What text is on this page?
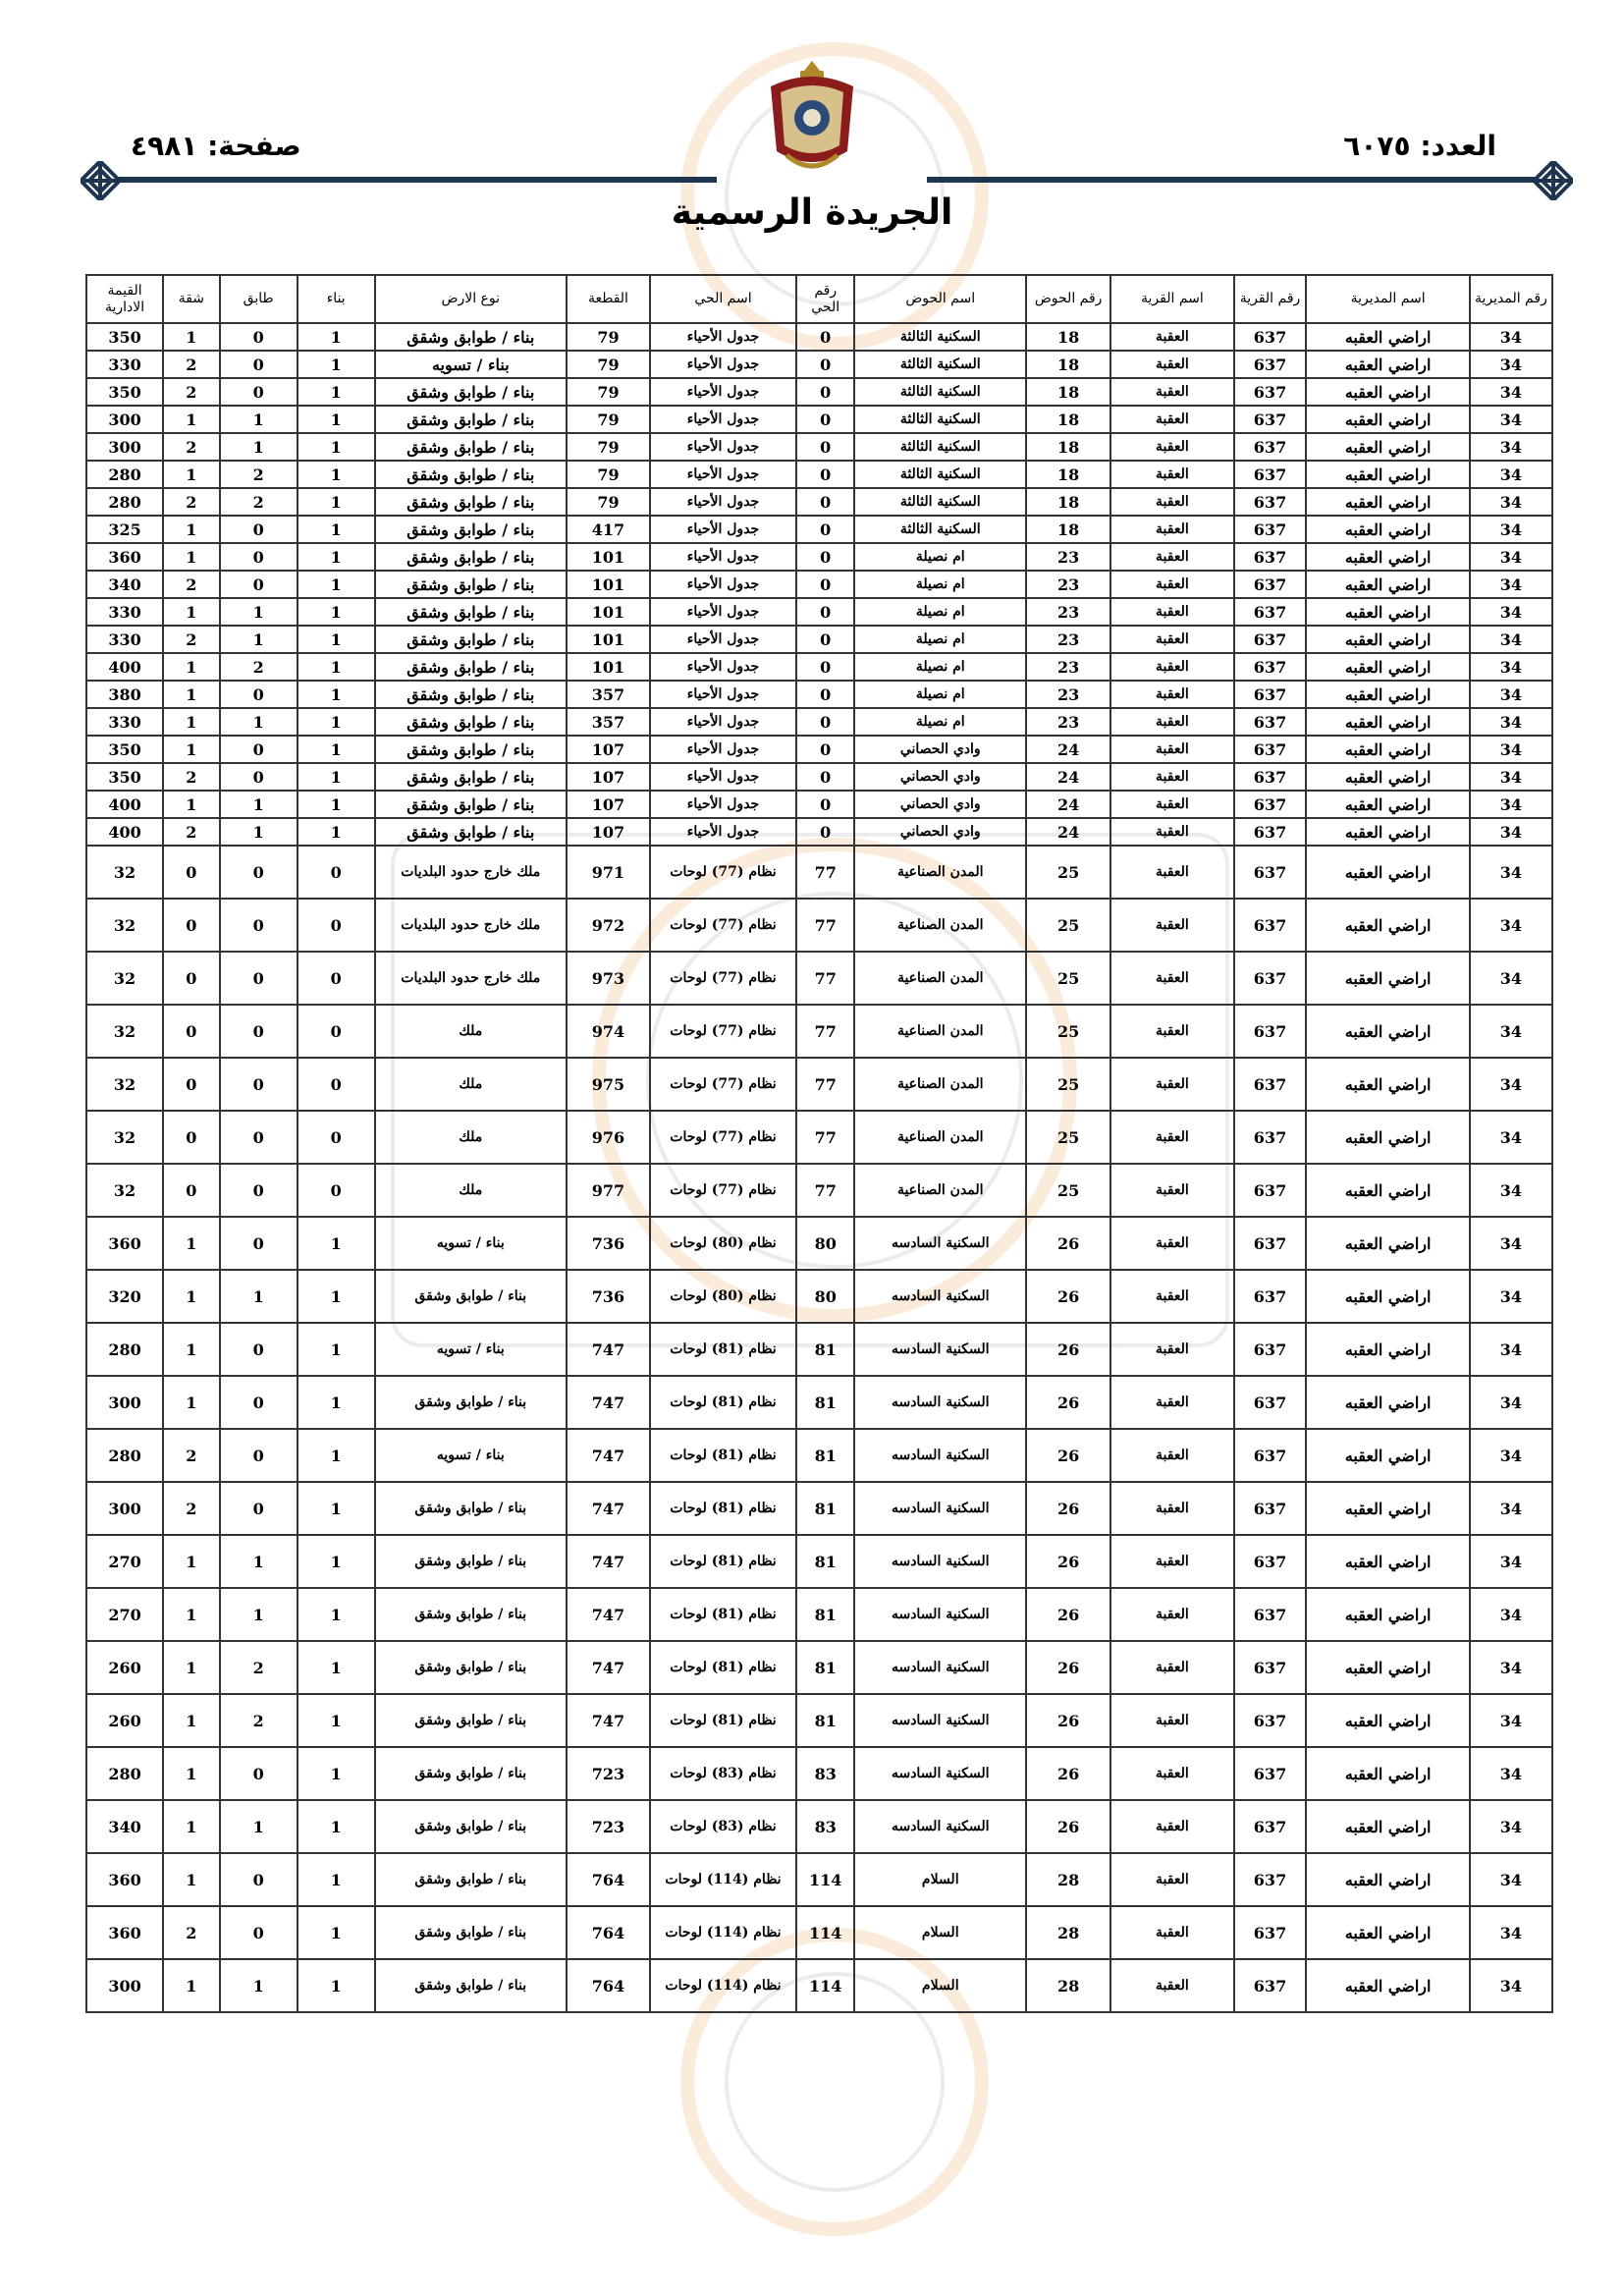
العدد: ٦٠٧٥
صفحة: ٤٩٨١
الجريدة الرسمية
رقم المديرية	اسم المديرية	رقم القرية	اسم القرية	رقم الحوض	اسم الحوض	رقم الحي	اسم الحي	القطعة	نوع الارض	بناء	طابق	شقة	القيمة الادارية
34	اراضي العقبه	637	العقبة	18	السكنية الثالثة	0	جدول الأحياء	79	بناء / طوابق وشقق	1	0	1	350
34	اراضي العقبه	637	العقبة	18	السكنية الثالثة	0	جدول الأحياء	79	بناء / تسويه	1	0	2	330
34	اراضي العقبه	637	العقبة	18	السكنية الثالثة	0	جدول الأحياء	79	بناء / طوابق وشقق	1	0	2	350
34	اراضي العقبه	637	العقبة	18	السكنية الثالثة	0	جدول الأحياء	79	بناء / طوابق وشقق	1	1	1	300
34	اراضي العقبه	637	العقبة	18	السكنية الثالثة	0	جدول الأحياء	79	بناء / طوابق وشقق	1	1	2	300
34	اراضي العقبه	637	العقبة	18	السكنية الثالثة	0	جدول الأحياء	79	بناء / طوابق وشقق	1	2	1	280
34	اراضي العقبه	637	العقبة	18	السكنية الثالثة	0	جدول الأحياء	79	بناء / طوابق وشقق	1	2	2	280
34	اراضي العقبه	637	العقبة	18	السكنية الثالثة	0	جدول الأحياء	417	بناء / طوابق وشقق	1	0	1	325
34	اراضي العقبه	637	العقبة	23	ام نصيلة	0	جدول الأحياء	101	بناء / طوابق وشقق	1	0	1	360
34	اراضي العقبه	637	العقبة	23	ام نصيلة	0	جدول الأحياء	101	بناء / طوابق وشقق	1	0	2	340
34	اراضي العقبه	637	العقبة	23	ام نصيلة	0	جدول الأحياء	101	بناء / طوابق وشقق	1	1	1	330
34	اراضي العقبه	637	العقبة	23	ام نصيلة	0	جدول الأحياء	101	بناء / طوابق وشقق	1	1	2	330
34	اراضي العقبه	637	العقبة	23	ام نصيلة	0	جدول الأحياء	101	بناء / طوابق وشقق	1	2	1	400
34	اراضي العقبه	637	العقبة	23	ام نصيلة	0	جدول الأحياء	357	بناء / طوابق وشقق	1	0	1	380
34	اراضي العقبه	637	العقبة	23	ام نصيلة	0	جدول الأحياء	357	بناء / طوابق وشقق	1	1	1	330
34	اراضي العقبه	637	العقبة	24	وادي الحصاني	0	جدول الأحياء	107	بناء / طوابق وشقق	1	0	1	350
34	اراضي العقبه	637	العقبة	24	وادي الحصاني	0	جدول الأحياء	107	بناء / طوابق وشقق	1	0	2	350
34	اراضي العقبه	637	العقبة	24	وادي الحصاني	0	جدول الأحياء	107	بناء / طوابق وشقق	1	1	1	400
34	اراضي العقبه	637	العقبة	24	وادي الحصاني	0	جدول الأحياء	107	بناء / طوابق وشقق	1	1	2	400
34	اراضي العقبه	637	العقبة	25	المدن الصناعية	77	نظام (77) لوحات	971	ملك خارج حدود البلديات	0	0	0	32
34	اراضي العقبه	637	العقبة	25	المدن الصناعية	77	نظام (77) لوحات	972	ملك خارج حدود البلديات	0	0	0	32
34	اراضي العقبه	637	العقبة	25	المدن الصناعية	77	نظام (77) لوحات	973	ملك خارج حدود البلديات	0	0	0	32
34	اراضي العقبه	637	العقبة	25	المدن الصناعية	77	نظام (77) لوحات	974	ملك	0	0	0	32
34	اراضي العقبه	637	العقبة	25	المدن الصناعية	77	نظام (77) لوحات	975	ملك	0	0	0	32
34	اراضي العقبه	637	العقبة	25	المدن الصناعية	77	نظام (77) لوحات	976	ملك	0	0	0	32
34	اراضي العقبه	637	العقبة	25	المدن الصناعية	77	نظام (77) لوحات	977	ملك	0	0	0	32
34	اراضي العقبه	637	العقبة	26	السكنية السادسه	80	نظام (80) لوحات	736	بناء / تسويه	1	0	1	360
34	اراضي العقبه	637	العقبة	26	السكنية السادسه	80	نظام (80) لوحات	736	بناء / طوابق وشقق	1	1	1	320
34	اراضي العقبه	637	العقبة	26	السكنية السادسه	81	نظام (81) لوحات	747	بناء / تسويه	1	0	1	280
34	اراضي العقبه	637	العقبة	26	السكنية السادسه	81	نظام (81) لوحات	747	بناء / طوابق وشقق	1	0	1	300
34	اراضي العقبه	637	العقبة	26	السكنية السادسه	81	نظام (81) لوحات	747	بناء / تسويه	1	0	2	280
34	اراضي العقبه	637	العقبة	26	السكنية السادسه	81	نظام (81) لوحات	747	بناء / طوابق وشقق	1	0	2	300
34	اراضي العقبه	637	العقبة	26	السكنية السادسه	81	نظام (81) لوحات	747	بناء / طوابق وشقق	1	1	1	270
34	اراضي العقبه	637	العقبة	26	السكنية السادسه	81	نظام (81) لوحات	747	بناء / طوابق وشقق	1	1	1	270
34	اراضي العقبه	637	العقبة	26	السكنية السادسه	81	نظام (81) لوحات	747	بناء / طوابق وشقق	1	2	1	260
34	اراضي العقبه	637	العقبة	26	السكنية السادسه	81	نظام (81) لوحات	747	بناء / طوابق وشقق	1	2	1	260
34	اراضي العقبه	637	العقبة	26	السكنية السادسه	83	نظام (83) لوحات	723	بناء / طوابق وشقق	1	0	1	280
34	اراضي العقبه	637	العقبة	26	السكنية السادسه	83	نظام (83) لوحات	723	بناء / طوابق وشقق	1	1	1	340
34	اراضي العقبه	637	العقبة	28	السلام	114	نظام (114) لوحات	764	بناء / طوابق وشقق	1	0	1	360
34	اراضي العقبه	637	العقبة	28	السلام	114	نظام (114) لوحات	764	بناء / طوابق وشقق	1	0	2	360
34	اراضي العقبه	637	العقبة	28	السلام	114	نظام (114) لوحات	764	بناء / طوابق وشقق	1	1	1	300
